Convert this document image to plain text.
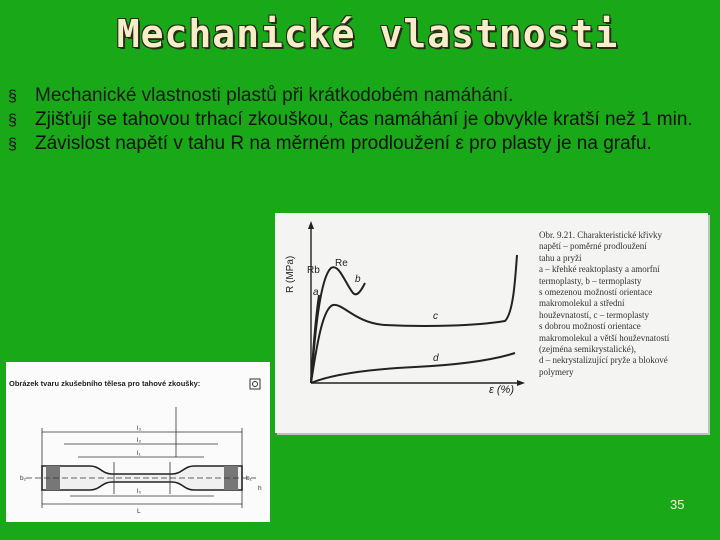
Mechanické vlastnosti
§ Mechanické vlastnosti plastů při krátkodobém namáhání.
§ Zjišťují se tahovou trhací zkouškou, čas namáhání je obvykle kratší než 1 min.
§ Závislost napětí v tahu R na měrném prodloužení ε pro plasty je na grafu.
R (MPa)
ε (%)
Rb
Re
a
b
c
d
Obr. 9.21. Charakteristické křivky
napětí – poměrné prodloužení
tahu a pryží
a – křehké reaktoplasty a amorfní
termoplasty, b – termoplasty
s omezenou možností orientace
makromolekul a střední
houževnatostí, c – termoplasty
s dobrou možností orientace
makromolekul a větší houževnatostí
(zejména semikrystalické),
d – nekrystalizující pryže a blokové
polymery
Obrázek tvaru zkušebního tělesa pro tahové zkoušky:
l₃
l₂
l₁
l₀
L
b₂	b₁
h
35
